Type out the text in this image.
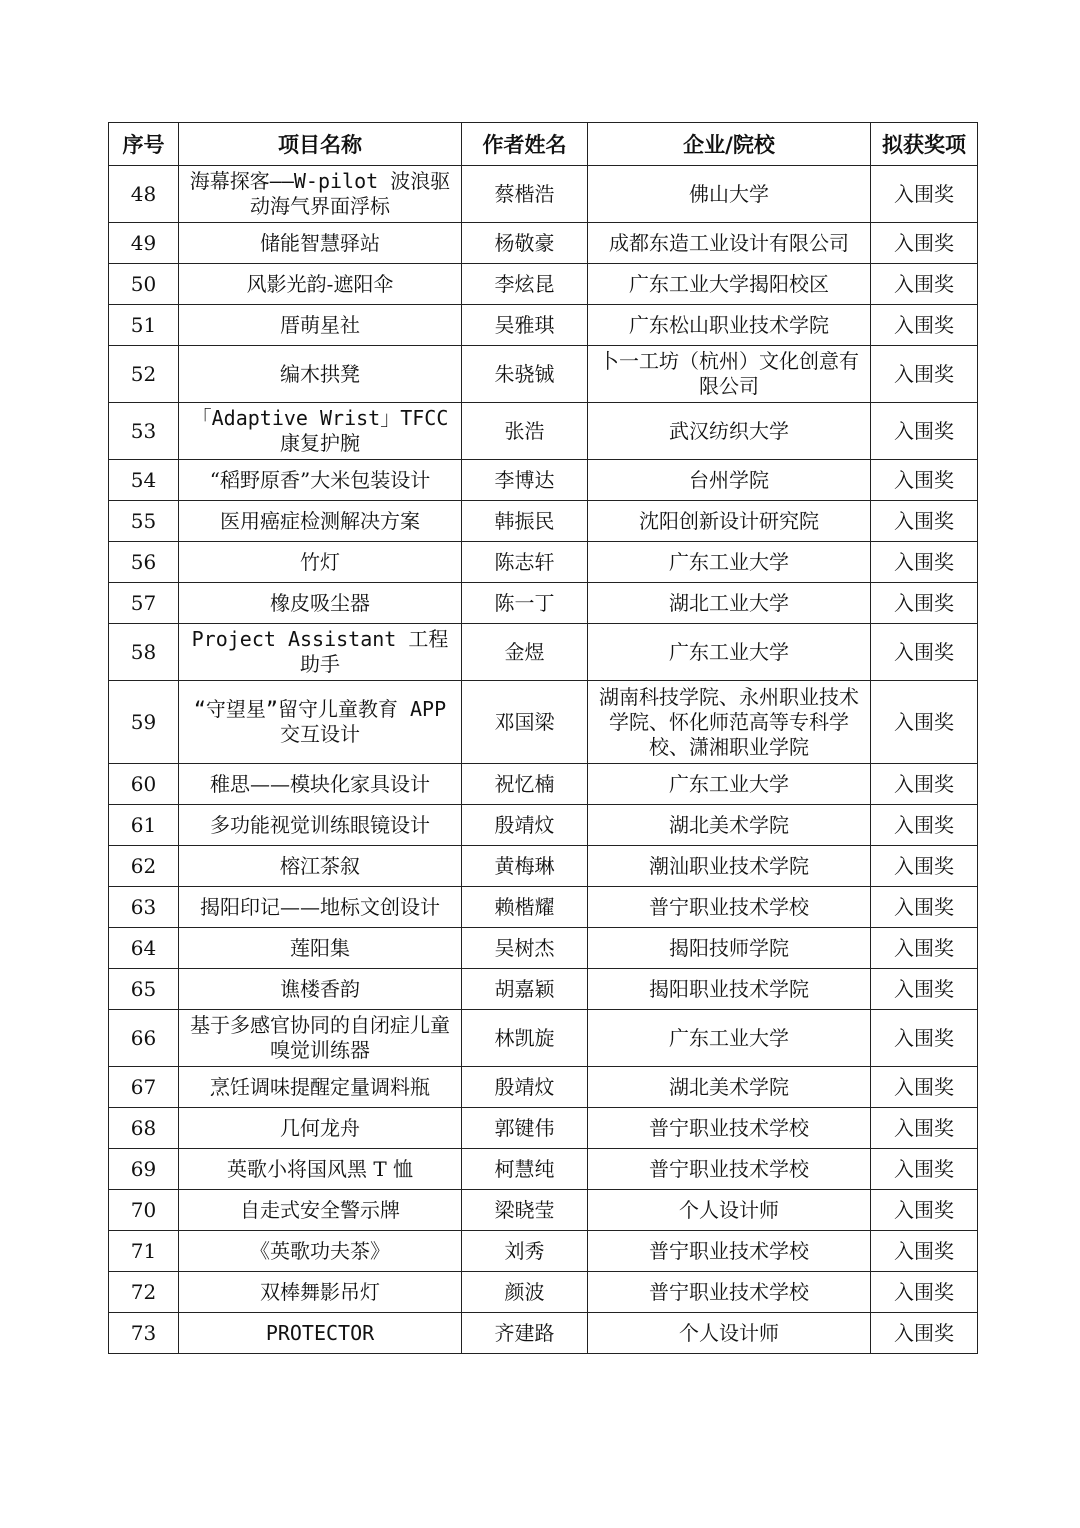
序号	项目名称	作者姓名	企业/院校	拟获奖项
48	海幕探客——W-pilot 波浪驱动海气界面浮标	蔡楷浩	佛山大学	入围奖
49	储能智慧驿站	杨敬豪	成都东造工业设计有限公司	入围奖
50	风影光韵-遮阳伞	李炫昆	广东工业大学揭阳校区	入围奖
51	厝萌星社	吴雅琪	广东松山职业技术学院	入围奖
52	编木拱凳	朱骁铖	卜一工坊（杭州）文化创意有限公司	入围奖
53	「Adaptive Wrist」TFCC 康复护腕	张浩	武汉纺织大学	入围奖
54	“稻野原香”大米包装设计	李博达	台州学院	入围奖
55	医用癌症检测解决方案	韩振民	沈阳创新设计研究院	入围奖
56	竹灯	陈志轩	广东工业大学	入围奖
57	橡皮吸尘器	陈一丁	湖北工业大学	入围奖
58	Project Assistant 工程助手	金煜	广东工业大学	入围奖
59	“守望星”留守儿童教育 APP 交互设计	邓国梁	湖南科技学院、永州职业技术学院、怀化师范高等专科学校、潇湘职业学院	入围奖
60	稚思——模块化家具设计	祝忆楠	广东工业大学	入围奖
61	多功能视觉训练眼镜设计	殷靖炆	湖北美术学院	入围奖
62	榕江茶叙	黄梅琳	潮汕职业技术学院	入围奖
63	揭阳印记——地标文创设计	赖楷耀	普宁职业技术学校	入围奖
64	莲阳集	吴树杰	揭阳技师学院	入围奖
65	谯楼香韵	胡嘉颖	揭阳职业技术学院	入围奖
66	基于多感官协同的自闭症儿童嗅觉训练器	林凯旋	广东工业大学	入围奖
67	烹饪调味提醒定量调料瓶	殷靖炆	湖北美术学院	入围奖
68	几何龙舟	郭键伟	普宁职业技术学校	入围奖
69	英歌小将国风黑 T 恤	柯慧纯	普宁职业技术学校	入围奖
70	自走式安全警示牌	梁晓莹	个人设计师	入围奖
71	《英歌功夫茶》	刘秀	普宁职业技术学校	入围奖
72	双棒舞影吊灯	颜波	普宁职业技术学校	入围奖
73	PROTECTOR	齐建路	个人设计师	入围奖
